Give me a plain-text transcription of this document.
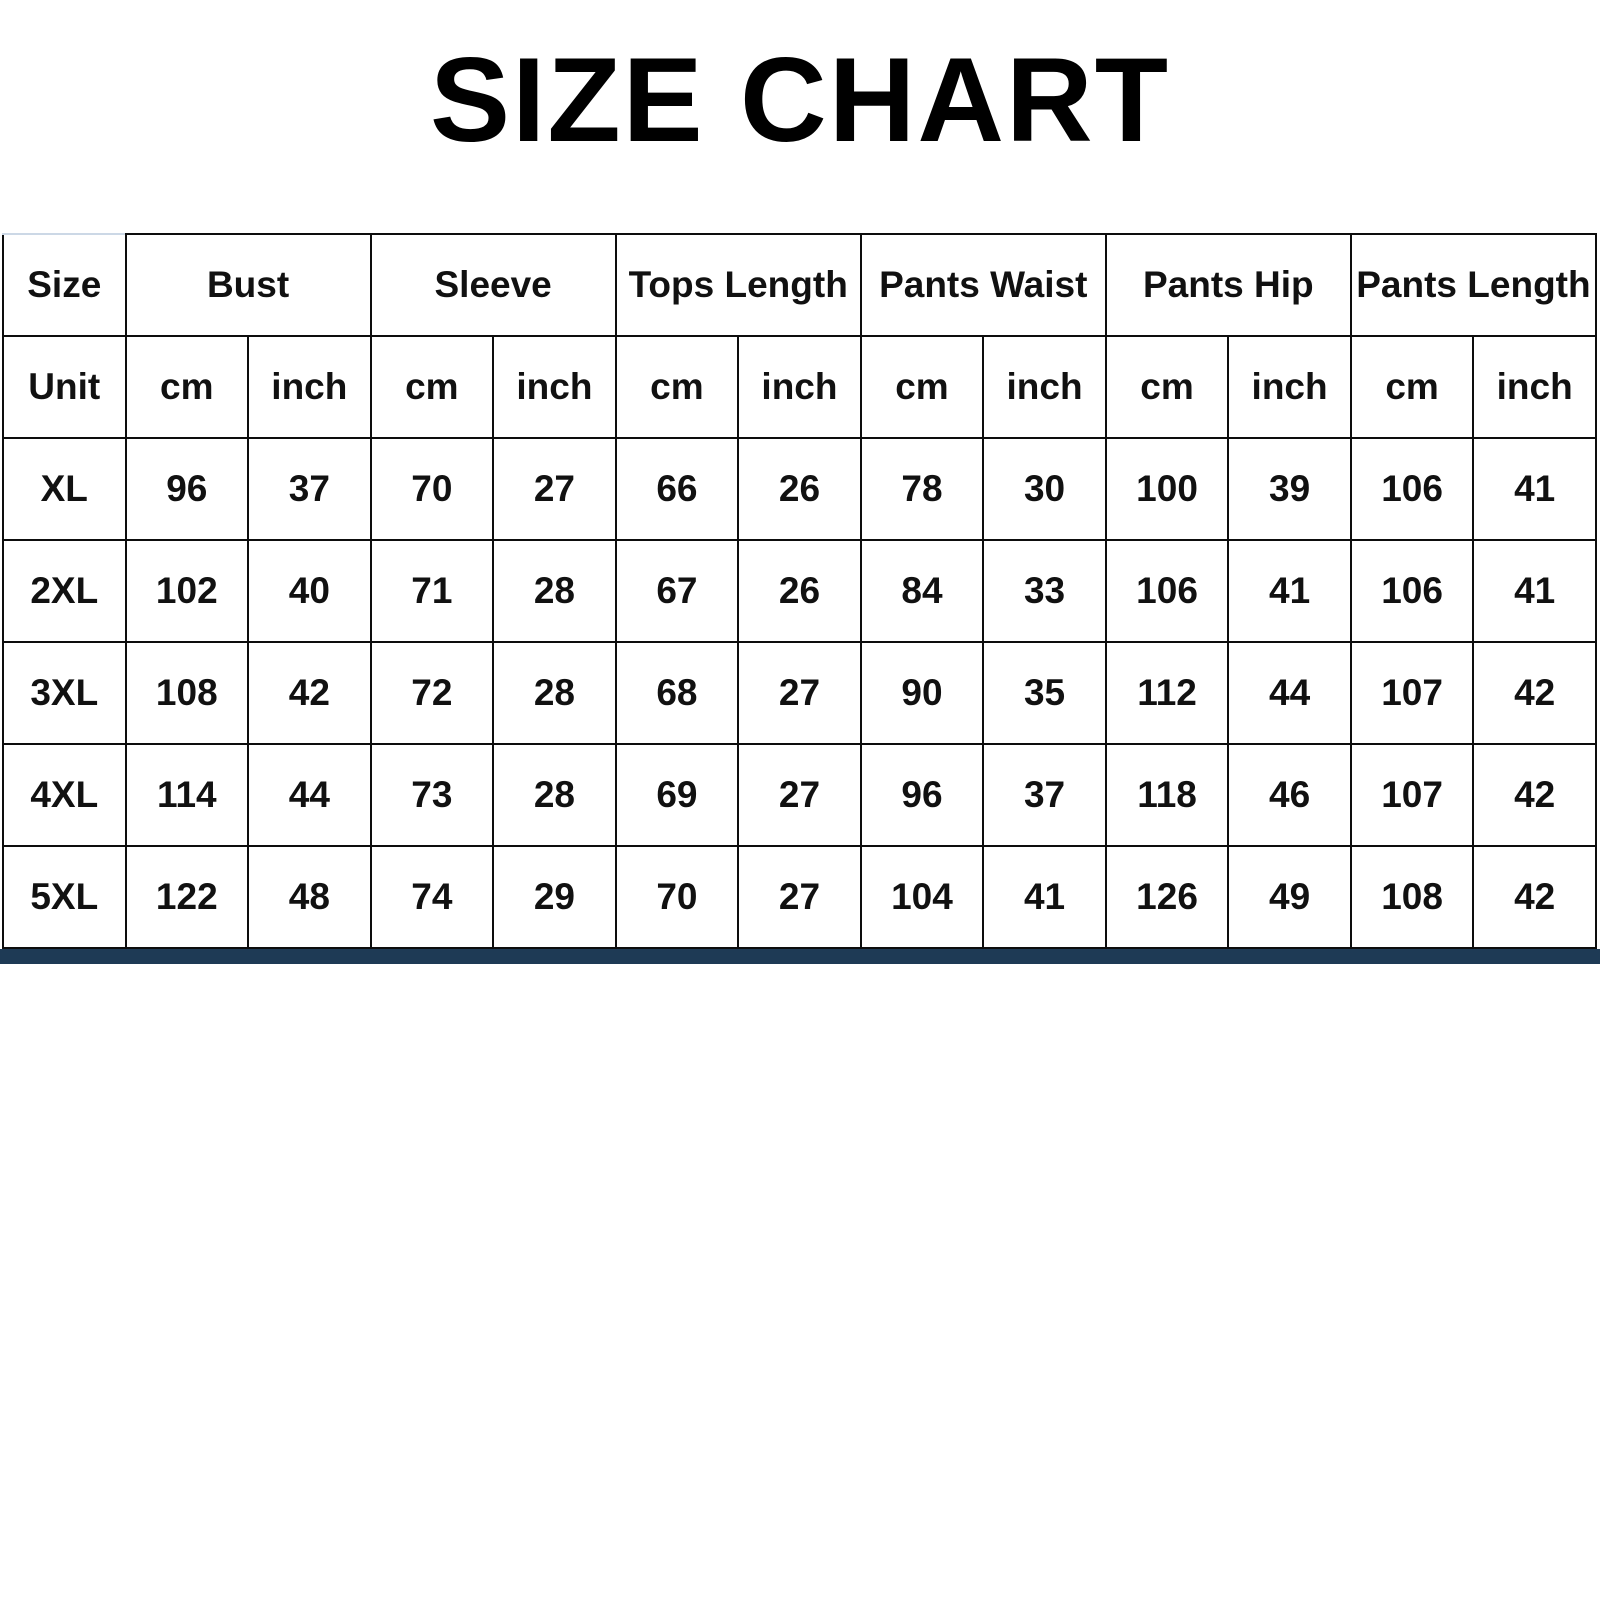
SIZE CHART
Size	Bust		Sleeve		Tops Length		Pants Waist		Pants Hip		Pants Length	
Unit	cm	inch	cm	inch	cm	inch	cm	inch	cm	inch	cm	inch
XL	96	37	70	27	66	26	78	30	100	39	106	41
2XL	102	40	71	28	67	26	84	33	106	41	106	41
3XL	108	42	72	28	68	27	90	35	112	44	107	42
4XL	114	44	73	28	69	27	96	37	118	46	107	42
5XL	122	48	74	29	70	27	104	41	126	49	108	42
